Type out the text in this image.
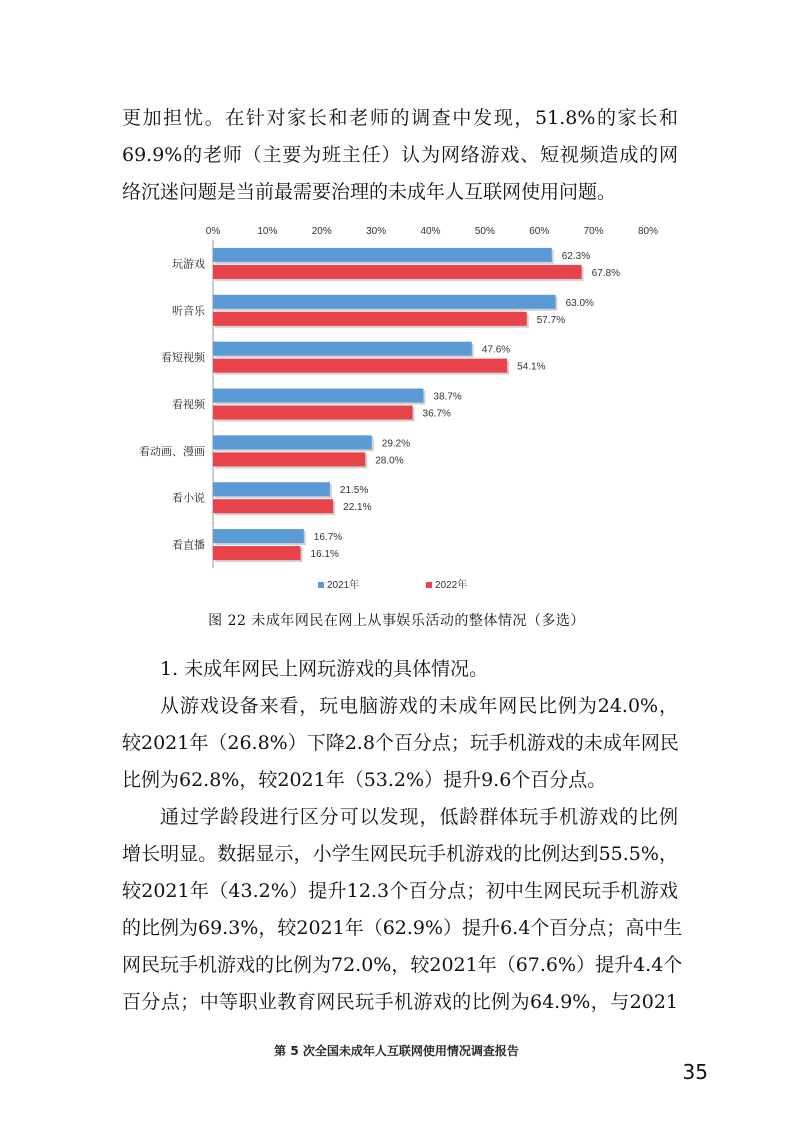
更加担忧。在针对家长和老师的调查中发现，51.8%的家长和
69.9%的老师（主要为班主任）认为网络游戏、短视频造成的网
络沉迷问题是当前最需要治理的未成年人互联网使用问题。
0%	10%	20%	30%	40%	50%	60%	70%	80%
玩游戏
62.3%
67.8%
听音乐
63.0%
57.7%
看短视频
47.6%
54.1%
看视频
38.7%
36.7%
看动画、漫画
29.2%
28.0%
看小说
21.5%
22.1%
看直播
16.7%
16.1%
2021年	2022年
图 22 未成年网民在网上从事娱乐活动的整体情况（多选）
1. 未成年网民上网玩游戏的具体情况。
从游戏设备来看，玩电脑游戏的未成年网民比例为24.0%，
较2021年（26.8%）下降2.8个百分点；玩手机游戏的未成年网民
比例为62.8%，较2021年（53.2%）提升9.6个百分点。
通过学龄段进行区分可以发现，低龄群体玩手机游戏的比例
增长明显。数据显示，小学生网民玩手机游戏的比例达到55.5%，
较2021年（43.2%）提升12.3个百分点；初中生网民玩手机游戏
的比例为69.3%，较2021年（62.9%）提升6.4个百分点；高中生
网民玩手机游戏的比例为72.0%，较2021年（67.6%）提升4.4个
百分点；中等职业教育网民玩手机游戏的比例为64.9%，与2021
第 5 次全国未成年人互联网使用情况调查报告
35
